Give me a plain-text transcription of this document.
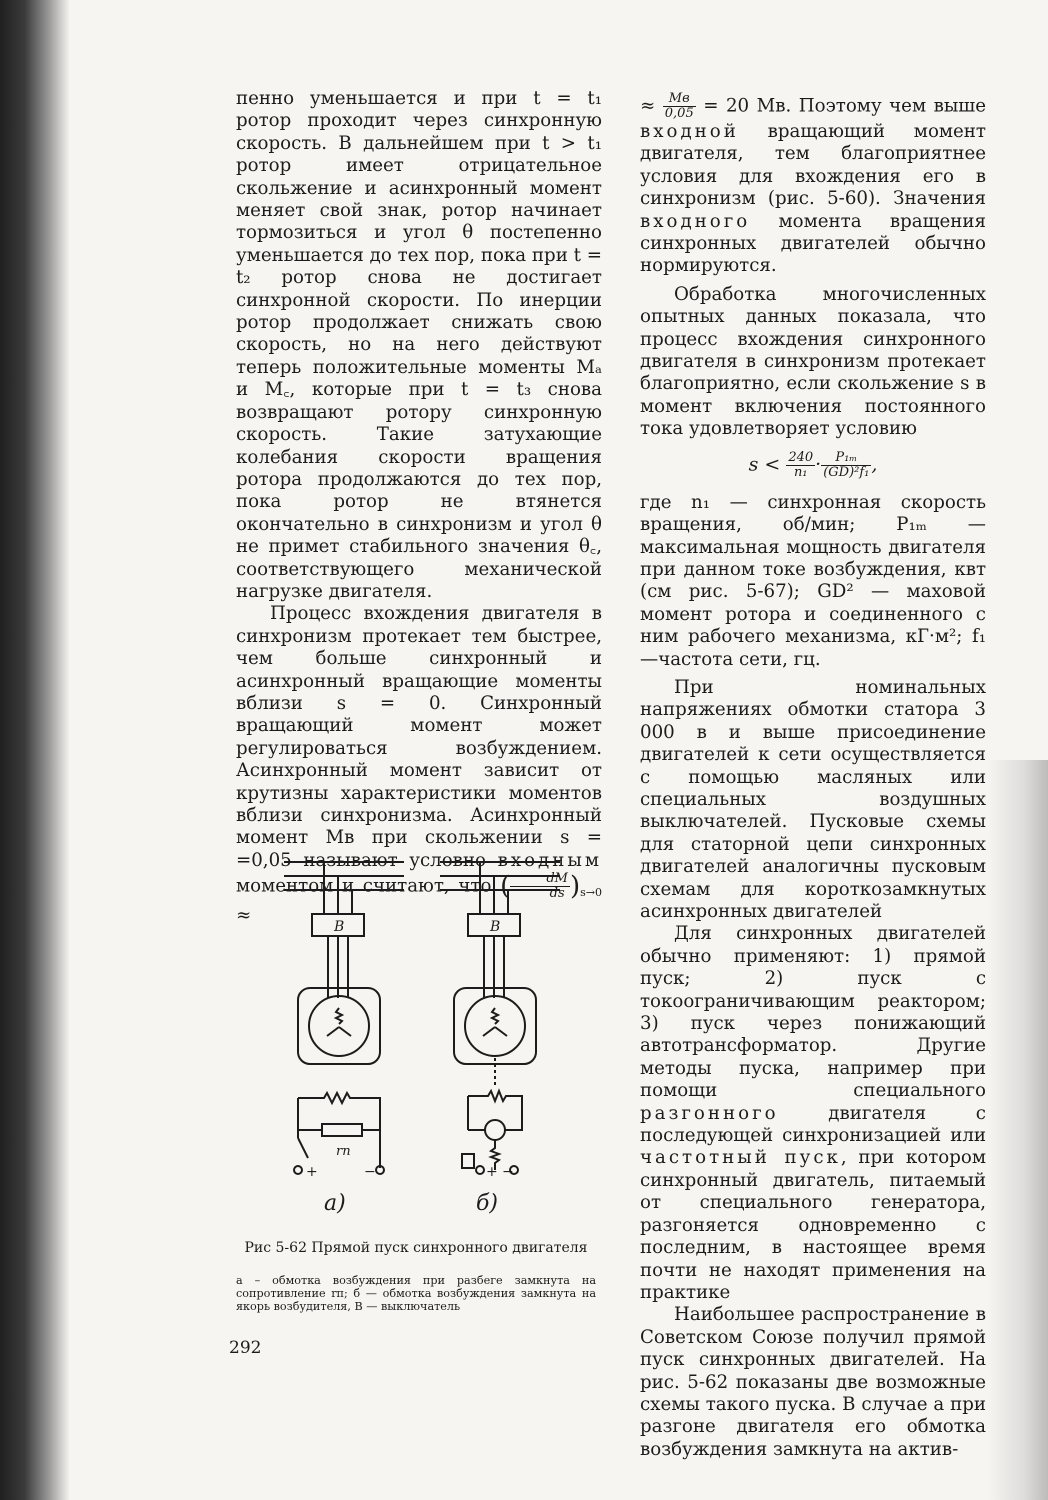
пенно уменьшается и при t = t₁ ротор проходит через синхронную скорость. В дальнейшем при t > t₁ ротор имеет отрицательное скольжение и асинхронный момент меняет свой знак, ротор начинает тормозиться и угол θ постепенно уменьшается до тех пор, пока при t = t₂ ротор снова не достигает синхронной скорости. По инерции ротор продолжает снижать свою скорость, но на него действуют теперь положительные моменты Mₐ и M꜀, которые при t = t₃ снова возвращают ротору синхронную скорость. Такие затухающие колебания скорости вращения ротора продолжаются до тех пор, пока ротор не втянется окончательно в синхронизм и угол θ не примет стабильного значения θ꜀, соответствующего механической нагрузке двигателя.

Процесс вхождения двигателя в синхронизм протекает тем быстрее, чем больше синхронный и асинхронный вращающие моменты вблизи s = 0. Синхронный вращающий момент может регулироваться возбуждением. Асинхронный момент зависит от крутизны характеристики моментов вблизи синхронизма. Асинхронный момент Mв при скольжении s = =0,05 называют условно входным моментом и считают, что ( $\frac{dM}{ds} )_{s\to 0}$ ≈

≈ $\frac{Mв}{0,05} = 20$ Mв. Поэтому чем выше входной вращающий момент двигателя, тем благоприятнее условия для вхождения его в синхронизм (рис. 5-60). Значения входного момента вращения синхронных двигателей обычно нормируются.

Обработка многочисленных опытных данных показала, что процесс вхождения синхронного двигателя в синхронизм протекает благоприятно, если скольжение s в момент включения постоянного тока удовлетворяет условию

$s < \frac{240}{\text{n₁}} \cdot \frac{\text{P₁ₘ}}{\text{(GD)²f₁}}$ ,

где n₁ — синхронная скорость вращения, об/мин; P₁ₘ — максимальная мощность двигателя при данном токе возбуждения, квт (см рис. 5-67); GD² — маховой момент ротора и соединенного с ним рабочего механизма, кГ·м²; f₁—частота сети, гц.

При номинальных напряжениях обмотки статора 3 000 в и выше присоединение двигателей к сети осуществляется с помощью масляных или специальных воздушных выключателей. Пусковые схемы для статорной цепи синхронных двигателей аналогичны пусковым схемам для короткозамкнутых асинхронных двигателей

Для синхронных двигателей обычно применяют: 1) прямой пуск; 2) пуск с токоограничивающим реактором; 3) пуск через понижающий автотрансформатор. Другие методы пуска, например при помощи специального разгонного	двигателя с последующей синхронизацией или частотный пуск, при котором синхронный двигатель, питаемый от специального генератора, разгоняется одновременно с последним, в настоящее время почти не находят применения на практике

Наибольшее распространение в Советском Союзе получил прямой пуск синхронных двигателей. На рис. 5-62 показаны две возможные схемы такого пуска. В случае а при разгоне двигателя его обмотка возбуждения замкнута на актив-

B
rп
+	−
а)
B
+ −
б)
Рис 5-62 Прямой пуск синхронного двигателя
а – обмотка возбуждения при разбеге замкнута на сопротивление rп; б — обмотка возбуждения замкнута на якорь возбудителя, B — выключатель
292
